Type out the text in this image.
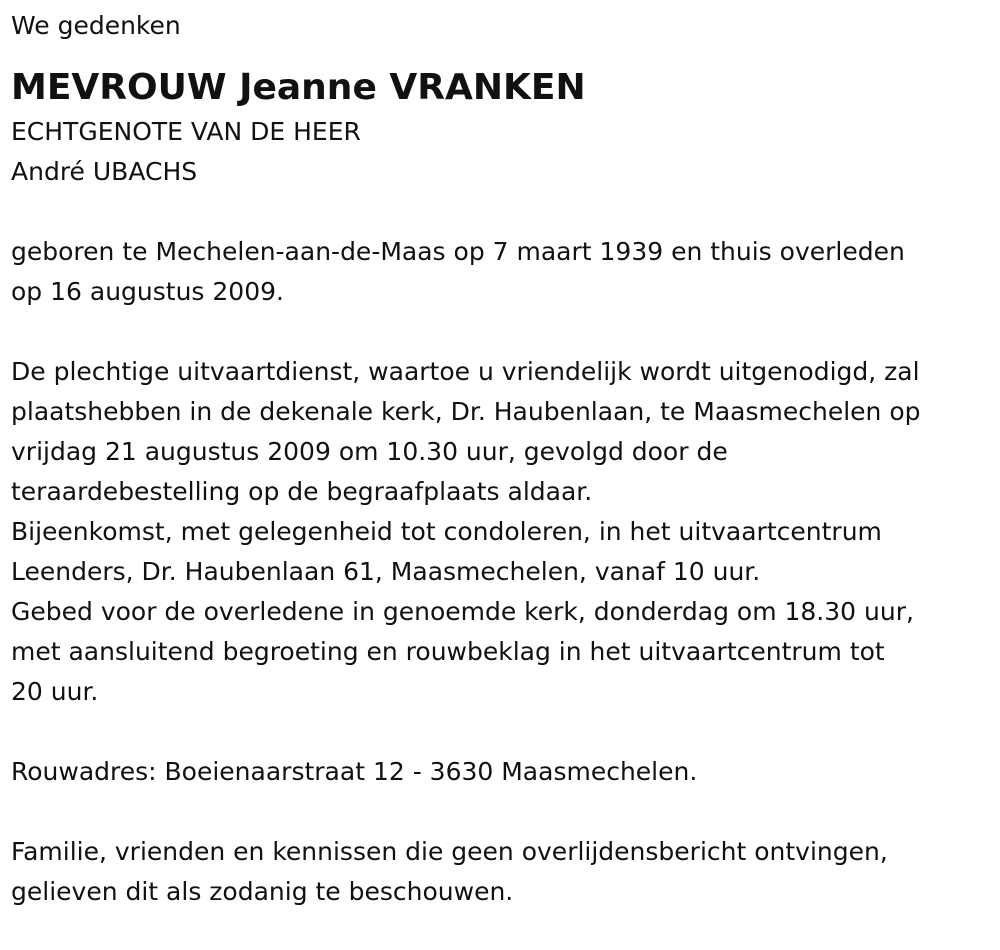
We gedenken

MEVROUW Jeanne VRANKEN

ECHTGENOTE VAN DE HEER

André UBACHS

geboren te Mechelen-aan-de-Maas op 7 maart 1939 en thuis overleden

op 16 augustus 2009.

De plechtige uitvaartdienst, waartoe u vriendelijk wordt uitgenodigd, zal

plaatshebben in de dekenale kerk, Dr. Haubenlaan, te Maasmechelen op

vrijdag 21 augustus 2009 om 10.30 uur, gevolgd door de

teraardebestelling op de begraafplaats aldaar.

Bijeenkomst, met gelegenheid tot condoleren, in het uitvaartcentrum

Leenders, Dr. Haubenlaan 61, Maasmechelen, vanaf 10 uur.

Gebed voor de overledene in genoemde kerk, donderdag om 18.30 uur,

met aansluitend begroeting en rouwbeklag in het uitvaartcentrum tot

20 uur.

Rouwadres: Boeienaarstraat 12 - 3630 Maasmechelen.

Familie, vrienden en kennissen die geen overlijdensbericht ontvingen,

gelieven dit als zodanig te beschouwen.
